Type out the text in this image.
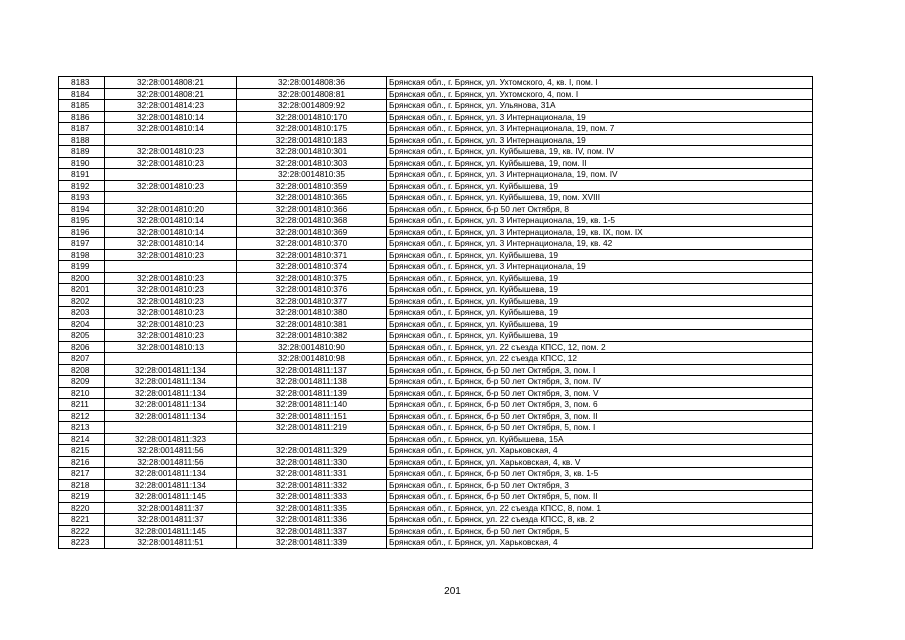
8183	32:28:0014808:21	32:28:0014808:36	Брянская обл., г. Брянск, ул. Ухтомского, 4, кв. I, пом. I
8184	32:28:0014808:21	32:28:0014808:81	Брянская обл., г. Брянск, ул. Ухтомского, 4, пом. I
8185	32:28:0014814:23	32:28:0014809:92	Брянская обл., г. Брянск, ул. Ульянова, 31А
8186	32:28:0014810:14	32:28:0014810:170	Брянская обл., г. Брянск, ул. 3 Интернационала, 19
8187	32:28:0014810:14	32:28:0014810:175	Брянская обл., г. Брянск, ул. 3 Интернационала, 19, пом. 7
8188		32:28:0014810:183	Брянская обл., г. Брянск, ул. 3 Интернационала, 19
8189	32:28:0014810:23	32:28:0014810:301	Брянская обл., г. Брянск, ул. Куйбышева, 19, кв. IV, пом. IV
8190	32:28:0014810:23	32:28:0014810:303	Брянская обл., г. Брянск, ул. Куйбышева, 19, пом. II
8191		32:28:0014810:35	Брянская обл., г. Брянск, ул. 3 Интернационала, 19, пом. IV
8192	32:28:0014810:23	32:28:0014810:359	Брянская обл., г. Брянск, ул. Куйбышева, 19
8193		32:28:0014810:365	Брянская обл., г. Брянск, ул. Куйбышева, 19, пом. XVIII
8194	32:28:0014810:20	32:28:0014810:366	Брянская обл., г. Брянск, б-р 50 лет Октября, 8
8195	32:28:0014810:14	32:28:0014810:368	Брянская обл., г. Брянск, ул. 3 Интернационала, 19, кв. 1-5
8196	32:28:0014810:14	32:28:0014810:369	Брянская обл., г. Брянск, ул. 3 Интернационала, 19, кв. IX, пом. IX
8197	32:28:0014810:14	32:28:0014810:370	Брянская обл., г. Брянск, ул. 3 Интернационала, 19, кв. 42
8198	32:28:0014810:23	32:28:0014810:371	Брянская обл., г. Брянск, ул. Куйбышева, 19
8199		32:28:0014810:374	Брянская обл., г. Брянск, ул. 3 Интернационала, 19
8200	32:28:0014810:23	32:28:0014810:375	Брянская обл., г. Брянск, ул. Куйбышева, 19
8201	32:28:0014810:23	32:28:0014810:376	Брянская обл., г. Брянск, ул. Куйбышева, 19
8202	32:28:0014810:23	32:28:0014810:377	Брянская обл., г. Брянск, ул. Куйбышева, 19
8203	32:28:0014810:23	32:28:0014810:380	Брянская обл., г. Брянск, ул. Куйбышева, 19
8204	32:28:0014810:23	32:28:0014810:381	Брянская обл., г. Брянск, ул. Куйбышева, 19
8205	32:28:0014810:23	32:28:0014810:382	Брянская обл., г. Брянск, ул. Куйбышева, 19
8206	32:28:0014810:13	32:28:0014810:90	Брянская обл., г. Брянск, ул. 22 съезда КПСС, 12, пом. 2
8207		32:28:0014810:98	Брянская обл., г. Брянск, ул. 22 съезда КПСС, 12
8208	32:28:0014811:134	32:28:0014811:137	Брянская обл., г. Брянск, б-р 50 лет Октября, 3, пом. I
8209	32:28:0014811:134	32:28:0014811:138	Брянская обл., г. Брянск, б-р 50 лет Октября, 3, пом. IV
8210	32:28:0014811:134	32:28:0014811:139	Брянская обл., г. Брянск, б-р 50 лет Октября, 3, пом. V
8211	32:28:0014811:134	32:28:0014811:140	Брянская обл., г. Брянск, б-р 50 лет Октября, 3, пом. 6
8212	32:28:0014811:134	32:28:0014811:151	Брянская обл., г. Брянск, б-р 50 лет Октября, 3, пом. II
8213		32:28:0014811:219	Брянская обл., г. Брянск, б-р 50 лет Октября, 5, пом. I
8214	32:28:0014811:323		Брянская обл., г. Брянск, ул. Куйбышева, 15А
8215	32:28:0014811:56	32:28:0014811:329	Брянская обл., г. Брянск, ул. Харьковская, 4
8216	32:28:0014811:56	32:28:0014811:330	Брянская обл., г. Брянск, ул. Харьковская, 4, кв. V
8217	32:28:0014811:134	32:28:0014811:331	Брянская обл., г. Брянск, б-р 50 лет Октября, 3, кв. 1-5
8218	32:28:0014811:134	32:28:0014811:332	Брянская обл., г. Брянск, б-р 50 лет Октября, 3
8219	32:28:0014811:145	32:28:0014811:333	Брянская обл., г. Брянск, б-р 50 лет Октября, 5, пом. II
8220	32:28:0014811:37	32:28:0014811:335	Брянская обл., г. Брянск, ул. 22 съезда КПСС, 8, пом. 1
8221	32:28:0014811:37	32:28:0014811:336	Брянская обл., г. Брянск, ул. 22 съезда КПСС, 8, кв. 2
8222	32:28:0014811:145	32:28:0014811:337	Брянская обл., г. Брянск, б-р 50 лет Октября, 5
8223	32:28:0014811:51	32:28:0014811:339	Брянская обл., г. Брянск, ул. Харьковская, 4
201
